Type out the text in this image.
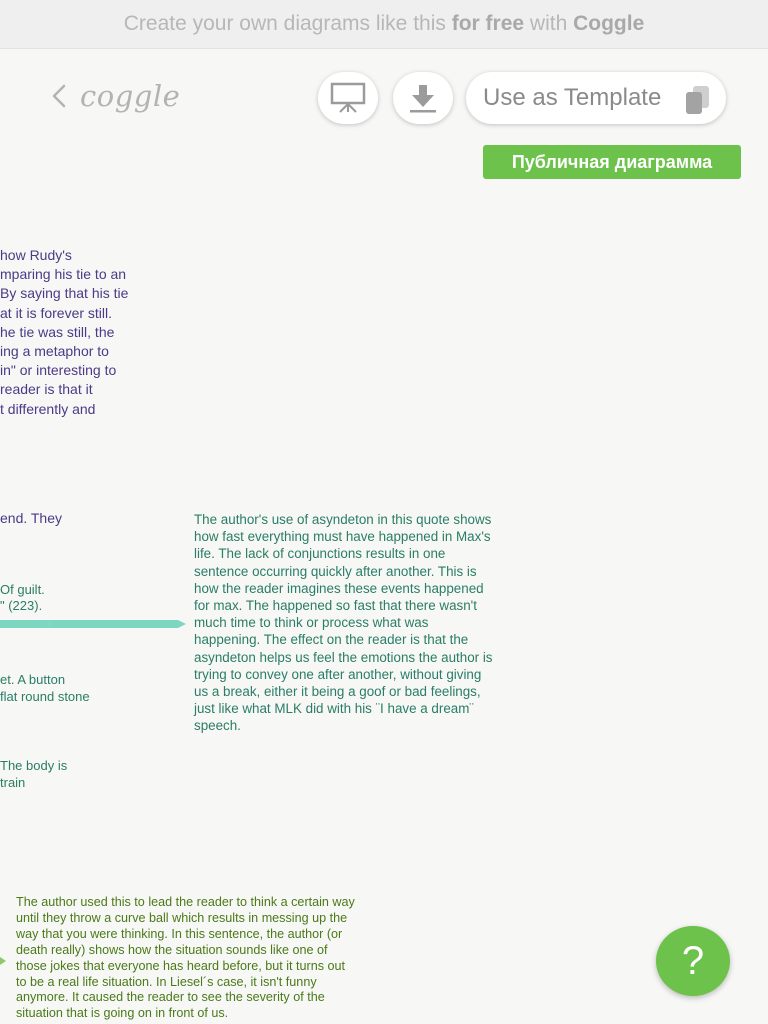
Create your own diagrams like this for free with Coggle
coggle	Use as Template
Публичная диаграмма

how Rudy's
mparing his tie to an
By saying that his tie
at it is forever still.
he tie was still, the
ing a metaphor to
in" or interesting to
reader is that it
t differently and

end. They

Of guilt.
" (223).

et. A button
flat round stone

The body is
train

The author's use of asyndeton in this quote shows
how fast everything must have happened in Max's
life. The lack of conjunctions results in one
sentence occurring quickly after another. This is
how the reader imagines these events happened
for max. The happened so fast that there wasn't
much time to think or process what was
happening. The effect on the reader is that the
asyndeton helps us feel the emotions the author is
trying to convey one after another, without giving
us a break, either it being a goof or bad feelings,
just like what MLK did with his ¨I have a dream¨
speech.

The author used this to lead the reader to think a certain way
until they throw a curve ball which results in messing up the
way that you were thinking. In this sentence, the author (or
death really) shows how the situation sounds like one of
those jokes that everyone has heard before, but it turns out
to be a real life situation. In Liesel´s case, it isn't funny
anymore. It caused the reader to see the severity of the
situation that is going on in front of us.

?
